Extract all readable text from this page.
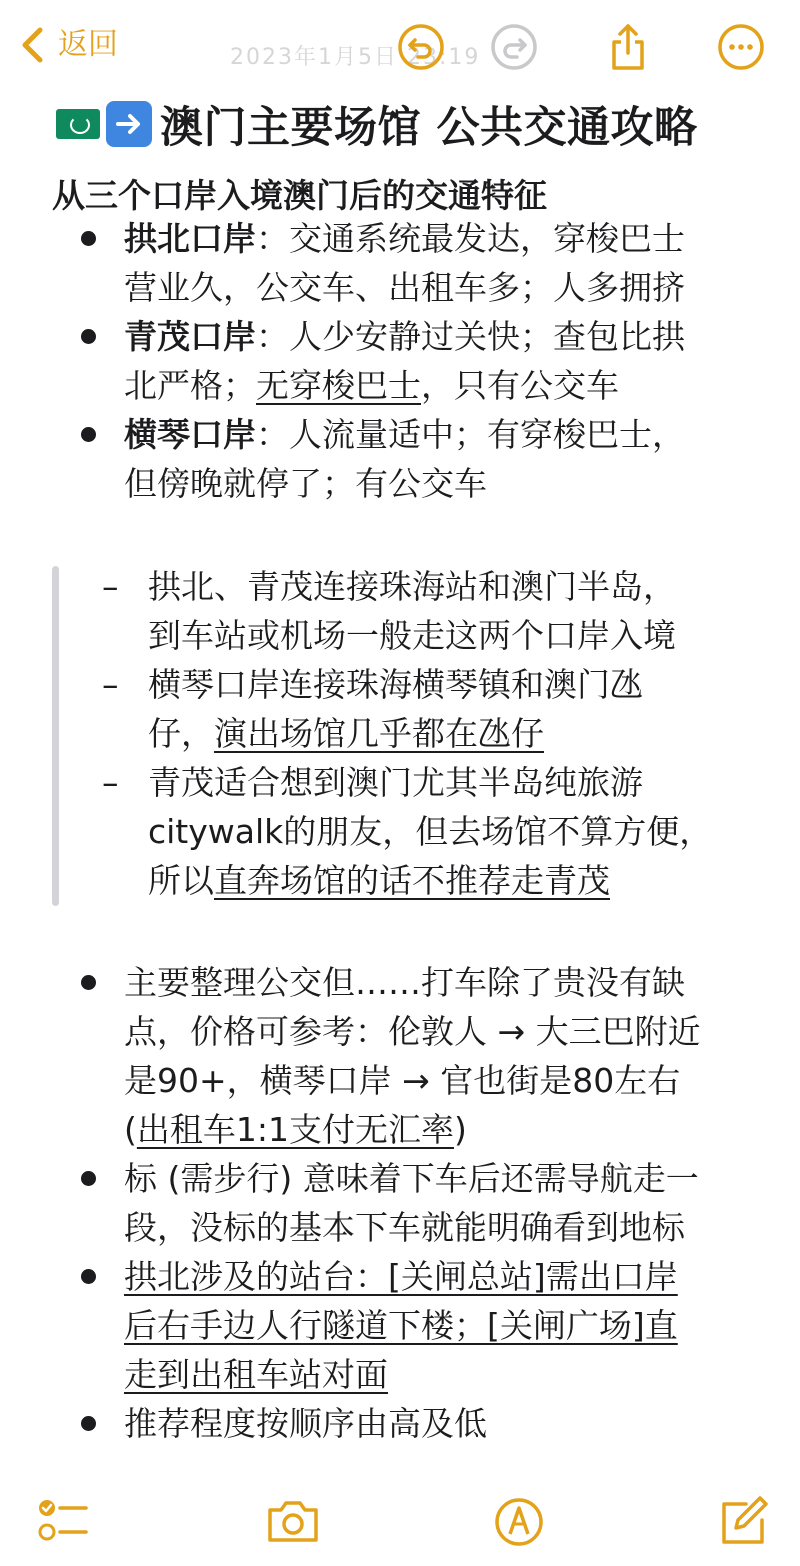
2023年1月5日 23:19
返回
澳门主要场馆 公共交通攻略
从三个口岸入境澳门后的交通特征
拱北口岸：交通系统最发达，穿梭巴士
营业久，公交车、出租车多；人多拥挤
青茂口岸：人少安静过关快；查包比拱
北严格；无穿梭巴士，只有公交车
横琴口岸：人流量适中；有穿梭巴士，
但傍晚就停了；有公交车
– 拱北、青茂连接珠海站和澳门半岛，
到车站或机场一般走这两个口岸入境
– 横琴口岸连接珠海横琴镇和澳门氹
仔，演出场馆几乎都在氹仔
– 青茂适合想到澳门尤其半岛纯旅游
citywalk的朋友，但去场馆不算方便，
所以直奔场馆的话不推荐走青茂
主要整理公交但……打车除了贵没有缺
点，价格可参考：伦敦人 → 大三巴附近
是90+，横琴口岸 → 官也街是80左右
(出租车1:1支付无汇率)
标 (需步行) 意味着下车后还需导航走一
段，没标的基本下车就能明确看到地标
拱北涉及的站台：[关闸总站]需出口岸
后右手边人行隧道下楼；[关闸广场]直
走到出租车站对面
推荐程度按顺序由高及低
